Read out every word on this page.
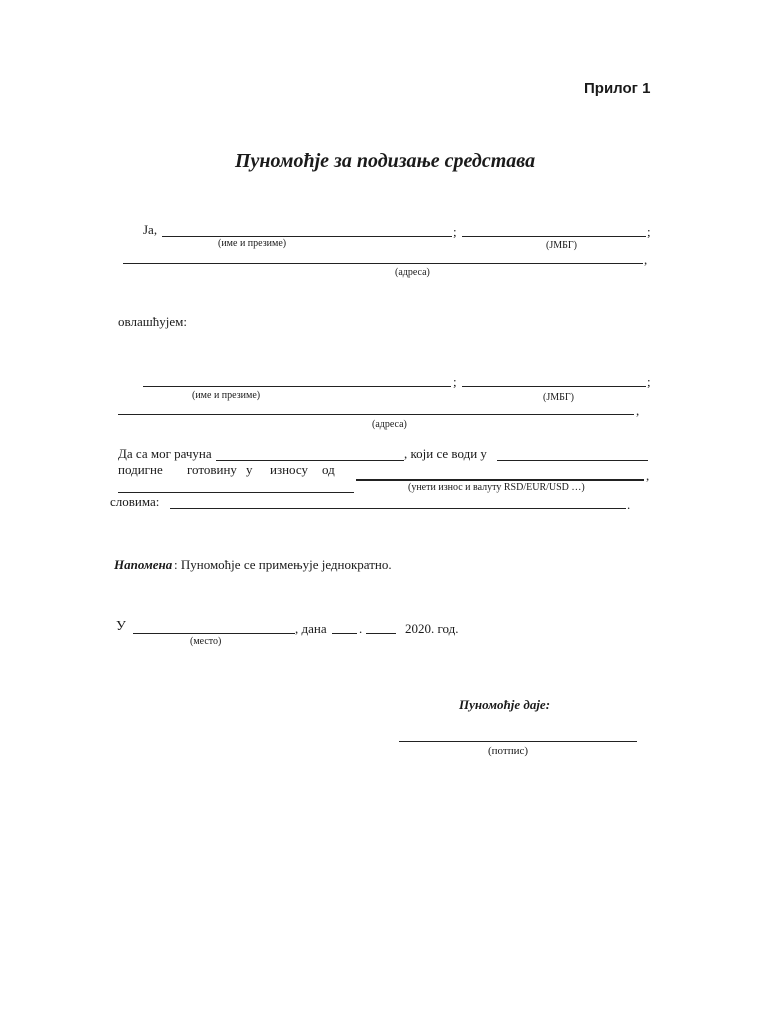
Прилог 1
Пуномоћје за подизање средстава
Ја,	;	;
(име и презиме)	(ЈМБГ)
,
(адреса)
овлашћујем:
;	;
(име и презиме)	(ЈМБГ)
,
(адреса)
Да са мог рачуна	, који се води у
подигне готовину у износу од	,
(унети износ и валуту RSD/EUR/USD …)
словима:	.
Напомена : Пуномоћје се примењује једнократно.
У	, дана .	2020. год.
(место)
Пуномоћје даје:
(потпис)
